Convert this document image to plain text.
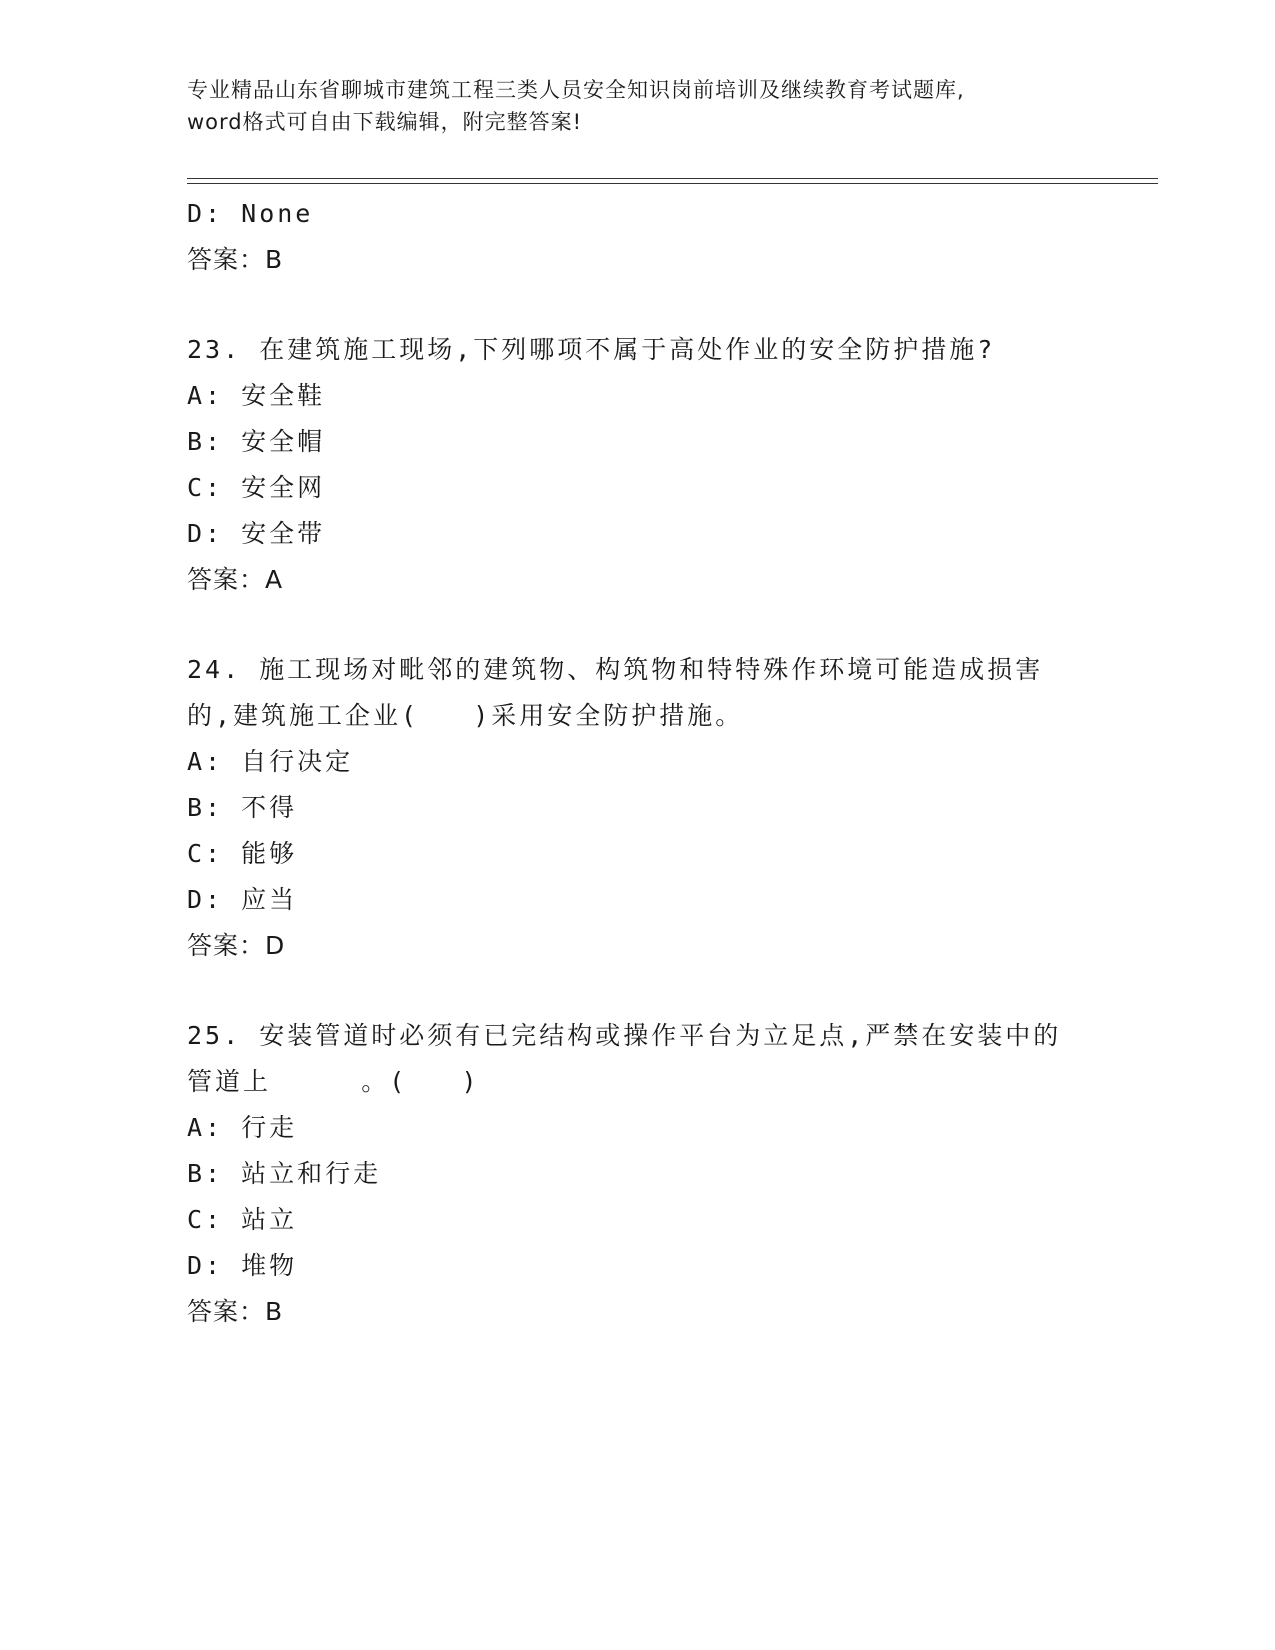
专业精品山东省聊城市建筑工程三类人员安全知识岗前培训及继续教育考试题库,
word格式可自由下载编辑，附完整答案!
D: None
答案：B
23. 在建筑施工现场,下列哪项不属于高处作业的安全防护措施?
A: 安全鞋
B: 安全帽
C: 安全网
D: 安全带
答案：A
24. 施工现场对毗邻的建筑物、构筑物和特特殊作环境可能造成损害
的,建筑施工企业(   )采用安全防护措施。
A: 自行决定
B: 不得
C: 能够
D: 应当
答案：D
25. 安装管道时必须有已完结构或操作平台为立足点,严禁在安装中的
管道上     。(   )
A: 行走
B: 站立和行走
C: 站立
D: 堆物
答案：B
